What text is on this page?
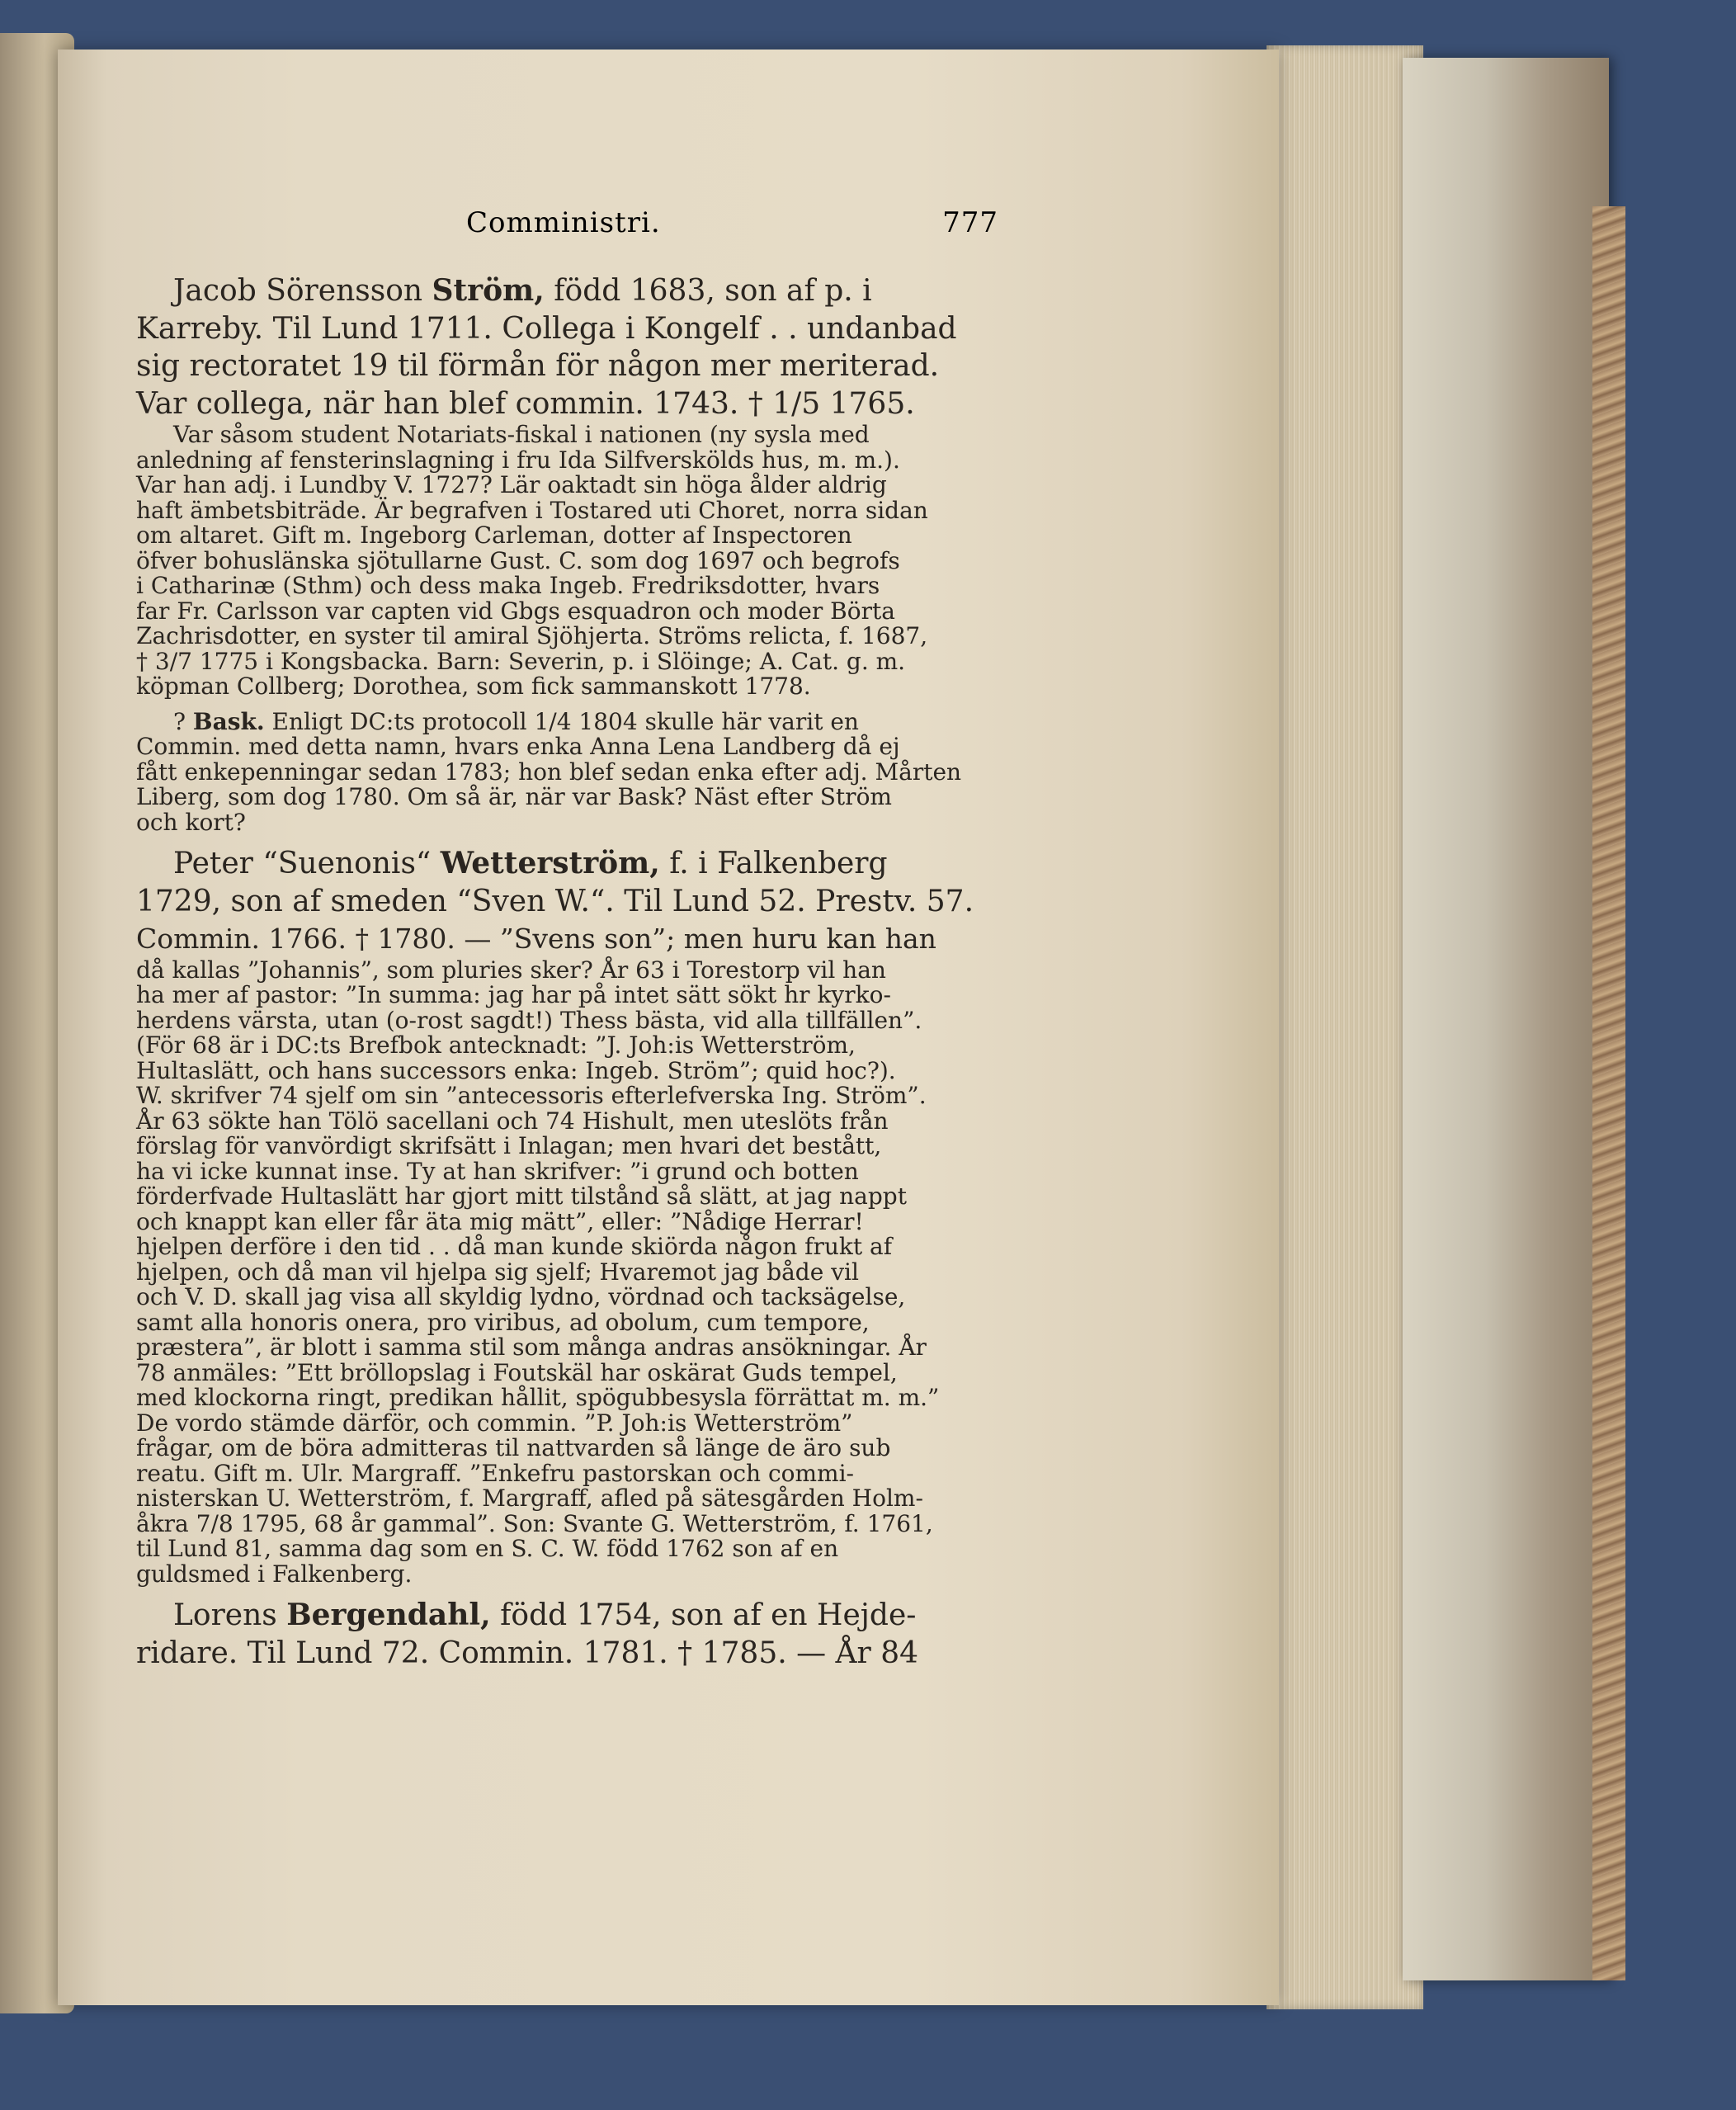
Comministri.	777
Jacob Sörensson Ström, född 1683, son af p. i
Karreby. Til Lund 1711. Collega i Kongelf . . undanbad
sig rectoratet 19 til förmån för någon mer meriterad.
Var collega, när han blef commin. 1743. † 1/5 1765.
Var såsom student Notariats-fiskal i nationen (ny sysla med
anledning af fensterinslagning i fru Ida Silfverskölds hus, m. m.).
Var han adj. i Lundby V. 1727? Lär oaktadt sin höga ålder aldrig
haft ämbetsbiträde. Är begrafven i Tostared uti Choret, norra sidan
om altaret. Gift m. Ingeborg Carleman, dotter af Inspectoren
öfver bohuslänska sjötullarne Gust. C. som dog 1697 och begrofs
i Catharinæ (Sthm) och dess maka Ingeb. Fredriksdotter, hvars
far Fr. Carlsson var capten vid Gbgs esquadron och moder Börta
Zachrisdotter, en syster til amiral Sjöhjerta. Ströms relicta, f. 1687,
† 3/7 1775 i Kongsbacka. Barn: Severin, p. i Slöinge; A. Cat. g. m.
köpman Collberg; Dorothea, som fick sammanskott 1778.
? Bask. Enligt DC:ts protocoll 1/4 1804 skulle här varit en
Commin. med detta namn, hvars enka Anna Lena Landberg då ej
fått enkepenningar sedan 1783; hon blef sedan enka efter adj. Mårten
Liberg, som dog 1780. Om så är, när var Bask? Näst efter Ström
och kort?
Peter “Suenonis“ Wetterström, f. i Falkenberg
1729, son af smeden “Sven W.“. Til Lund 52. Prestv. 57.
Commin. 1766. † 1780. — ”Svens son”; men huru kan han
då kallas ”Johannis”, som pluries sker? År 63 i Torestorp vil han
ha mer af pastor: ”In summa: jag har på intet sätt sökt hr kyrko-
herdens värsta, utan (o-rost sagdt!) Thess bästa, vid alla tillfällen”.
(För 68 är i DC:ts Brefbok antecknadt: ”J. Joh:is Wetterström,
Hultaslätt, och hans successors enka: Ingeb. Ström”; quid hoc?).
W. skrifver 74 sjelf om sin ”antecessoris efterlefverska Ing. Ström”.
År 63 sökte han Tölö sacellani och 74 Hishult, men uteslöts från
förslag för vanvördigt skrifsätt i Inlagan; men hvari det bestått,
ha vi icke kunnat inse. Ty at han skrifver: ”i grund och botten
förderfvade Hultaslätt har gjort mitt tilstånd så slätt, at jag nappt
och knappt kan eller får äta mig mätt”, eller: ”Nådige Herrar!
hjelpen derföre i den tid . . då man kunde skiörda någon frukt af
hjelpen, och då man vil hjelpa sig sjelf; Hvaremot jag både vil
och V. D. skall jag visa all skyldig lydno, vördnad och tacksägelse,
samt alla honoris onera, pro viribus, ad obolum, cum tempore,
præstera”, är blott i samma stil som många andras ansökningar. År
78 anmäles: ”Ett bröllopslag i Foutskäl har oskärat Guds tempel,
med klockorna ringt, predikan hållit, spögubbesysla förrättat m. m.”
De vordo stämde därför, och commin. ”P. Joh:is Wetterström”
frågar, om de böra admitteras til nattvarden så länge de äro sub
reatu. Gift m. Ulr. Margraff. ”Enkefru pastorskan och commi-
nisterskan U. Wetterström, f. Margraff, afled på sätesgården Holm-
åkra 7/8 1795, 68 år gammal”. Son: Svante G. Wetterström, f. 1761,
til Lund 81, samma dag som en S. C. W. född 1762 son af en
guldsmed i Falkenberg.
Lorens Bergendahl, född 1754, son af en Hejde-
ridare. Til Lund 72. Commin. 1781. † 1785. — År 84
